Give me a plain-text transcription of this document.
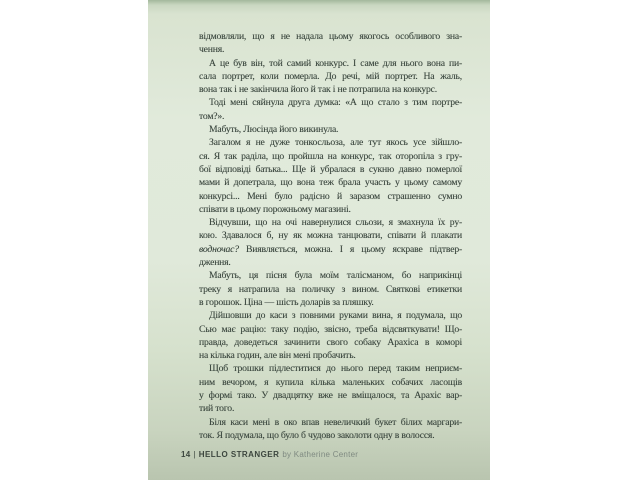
відмовляли, що я не надала цьому якогось особливого зна-
чення.
А це був він, той самий конкурс. І саме для нього вона пи-
сала портрет, коли померла. До речі, мій портрет. На жаль,
вона так і не закінчила його й так і не потрапила на конкурс.
Тоді мені сяйнула друга думка: «А що стало з тим портре-
том?».
Мабуть, Люсінда його викинула.
Загалом я не дуже тонкосльоза, але тут якось усе зійшло-
ся. Я так раділа, що пройшла на конкурс, так оторопіла з гру-
бої відповіді батька... Ще й убралася в сукню давно померлої
мами й допетрала, що вона теж брала участь у цьому самому
конкурсі... Мені було радісно й заразом страшенно сумно
співати в цьому порожньому магазині.
Відчувши, що на очі навернулися сльози, я змахнула їх ру-
кою. Здавалося б, ну як можна танцювати, співати й плакати
водночас? Виявляється, можна. І я цьому яскраве підтвер-
дження.
Мабуть, ця пісня була моїм талісманом, бо наприкінці
треку я натрапила на поличку з вином. Святкові етикетки
в горошок. Ціна — шість доларів за пляшку.
Дійшовши до каси з повними руками вина, я подумала, що
Сью має рацію: таку подію, звісно, треба відсвяткувати! Що-
правда, доведеться зачинити свого собаку Арахіса в коморі
на кілька годин, але він мені пробачить.
Щоб трошки підлеститися до нього перед таким неприєм-
ним вечором, я купила кілька маленьких собачих ласощів
у формі тако. У двадцятку вже не вміщалося, та Арахіс вар-
тий того.
Біля каси мені в око впав невеличкий букет білих маргари-
ток. Я подумала, що було б чудово заколоти одну в волосся.
14 | HELLO STRANGER by Katherine Center
